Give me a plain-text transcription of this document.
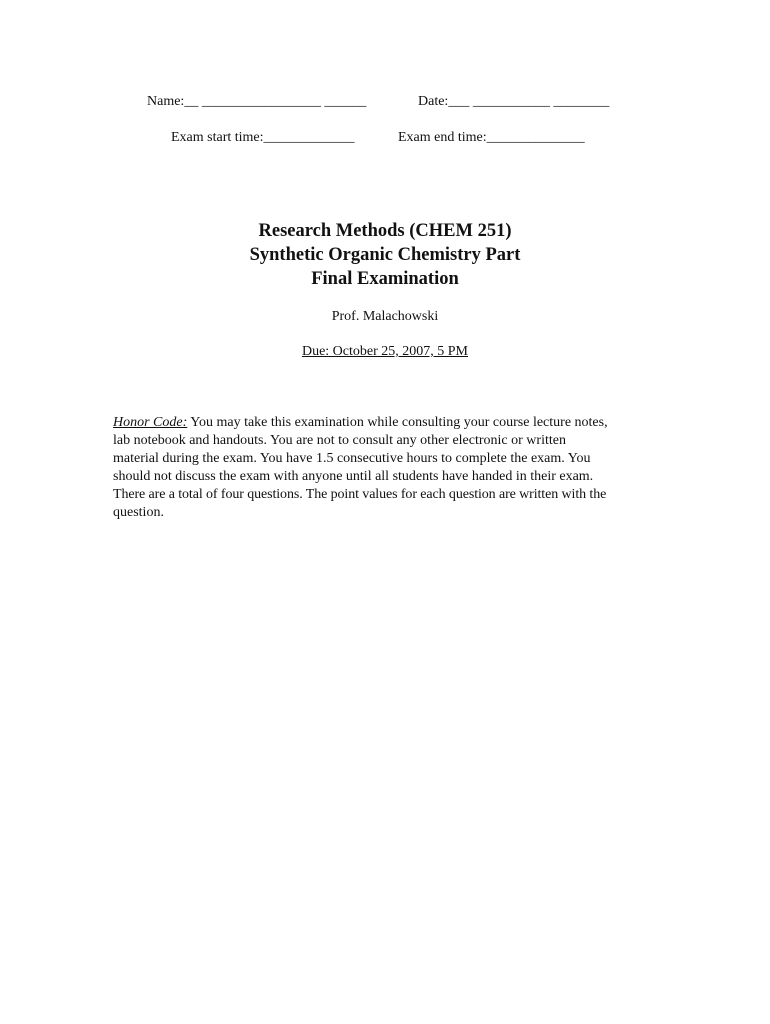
Name:__ _________________ ______	Date:___ ___________ ________
Exam start time:_____________	Exam end time:______________
Research Methods (CHEM 251)
Synthetic Organic Chemistry Part
Final Examination
Prof. Malachowski
Due: October 25, 2007, 5 PM
Honor Code: You may take this examination while consulting your course lecture notes,
lab notebook and handouts. You are not to consult any other electronic or written
material during the exam. You have 1.5 consecutive hours to complete the exam. You
should not discuss the exam with anyone until all students have handed in their exam.
There are a total of four questions. The point values for each question are written with the
question.
